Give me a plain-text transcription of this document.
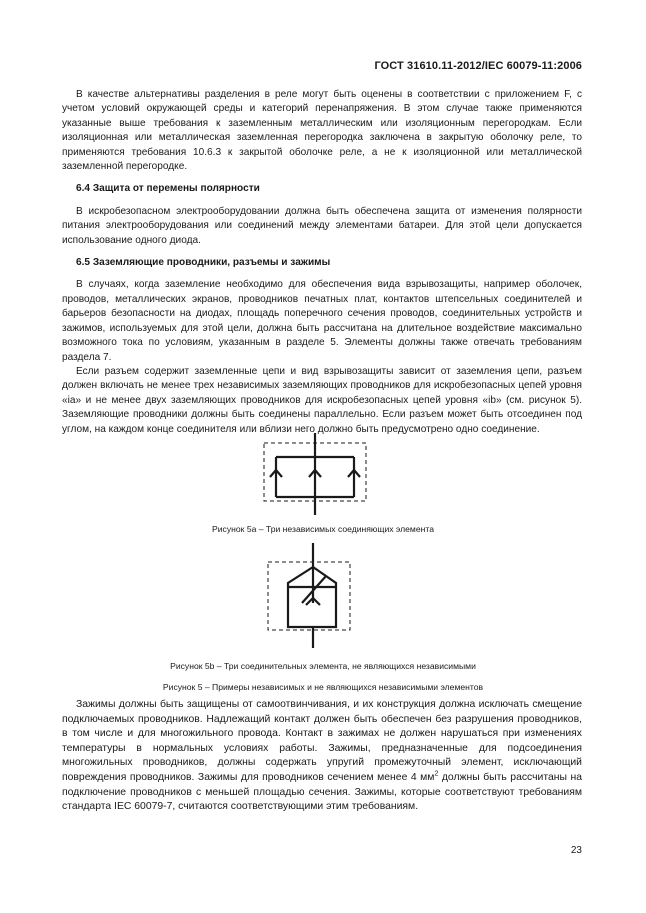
ГОСТ 31610.11-2012/IEC 60079-11:2006

В качестве альтернативы разделения в реле могут быть оценены в соответствии с приложением F, с учетом условий окружающей среды и категорий перенапряжения. В этом случае также применяются указанные выше требования к заземленным металлическим или изоляционным перегородкам. Если изоляционная или металлическая заземленная перегородка заключена в закрытую оболочку реле, то применяются требования 10.6.3 к закрытой оболочке реле, а не к изоляционной или металлической заземленной перегородке.

6.4 Защита от перемены полярности

В искробезопасном электрооборудовании должна быть обеспечена защита от изменения полярности питания электрооборудования или соединений между элементами батареи. Для этой цели допускается использование одного диода.

6.5 Заземляющие проводники, разъемы и зажимы

В случаях, когда заземление необходимо для обеспечения вида взрывозащиты, например оболочек, проводов, металлических экранов, проводников печатных плат, контактов штепсельных соединителей и барьеров безопасности на диодах, площадь поперечного сечения проводов, соединительных устройств и зажимов, используемых для этой цели, должна быть рассчитана на длительное воздействие максимально возможного тока по условиям, указанным в разделе 5. Элементы должны также отвечать требованиям раздела 7.

Если разъем содержит заземленные цепи и вид взрывозащиты зависит от заземления цепи, разъем должен включать не менее трех независимых заземляющих проводников для искробезопасных цепей уровня «ia» и не менее двух заземляющих проводников для искробезопасных цепей уровня «ib» (см. рисунок 5). Заземляющие проводники должны быть соединены параллельно. Если разъем может быть отсоединен под углом, на каждом конце соединителя или вблизи него должно быть предусмотрено одно соединение.

Рисунок 5a – Три независимых соединяющих элемента
Рисунок 5b – Три соединительных элемента, не являющихся независимыми
Рисунок 5 – Примеры независимых и не являющихся независимыми элементов

Зажимы должны быть защищены от самоотвинчивания, и их конструкция должна исключать смещение подключаемых проводников. Надлежащий контакт должен быть обеспечен без разрушения проводников, в том числе и для многожильного провода. Контакт в зажимах не должен нарушаться при изменениях температуры в нормальных условиях работы. Зажимы, предназначенные для подсоединения многожильных проводников, должны содержать упругий промежуточный элемент, исключающий повреждения проводников. Зажимы для проводников сечением менее 4 $мм^2$ должны быть рассчитаны на подключение проводников с меньшей площадью сечения. Зажимы, которые соответствуют требованиям стандарта IEC 60079-7, считаются соответствующими этим требованиям.

23
